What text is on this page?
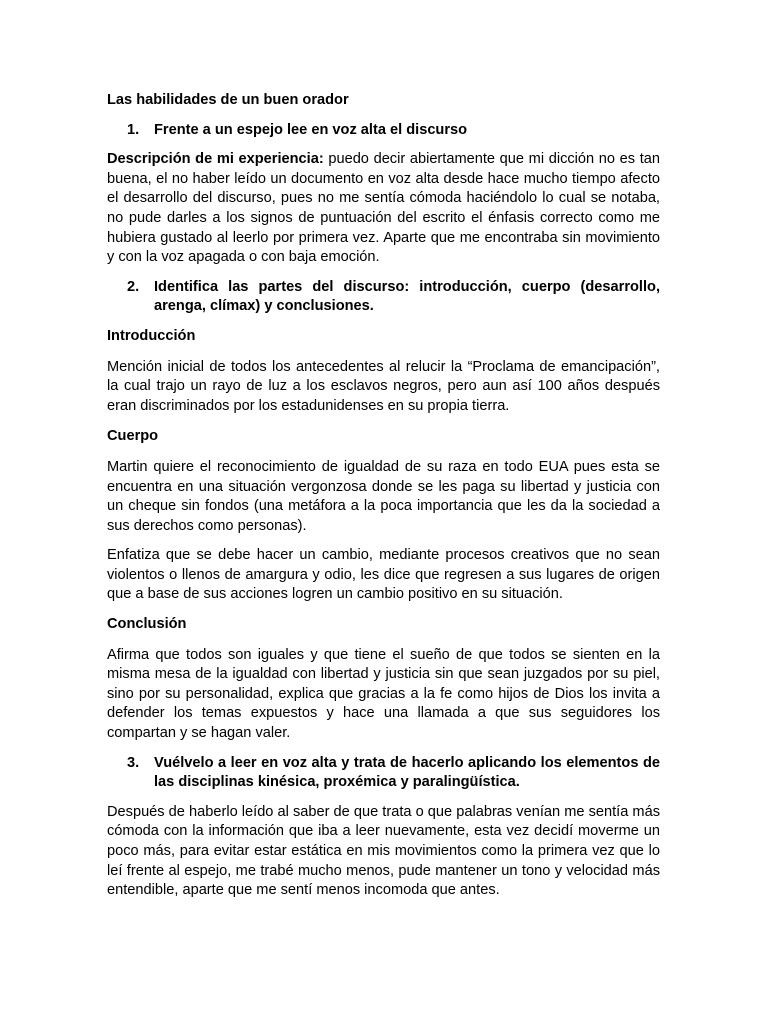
Las habilidades de un buen orador
1.	Frente a un espejo lee en voz alta el discurso

Descripción de mi experiencia: puedo decir abiertamente que mi dicción no es tan buena, el no haber leído un documento en voz alta desde hace mucho tiempo afecto el desarrollo del discurso, pues no me sentía cómoda haciéndolo lo cual se notaba, no pude darles a los signos de puntuación del escrito el énfasis correcto como me hubiera gustado al leerlo por primera vez. Aparte que me encontraba sin movimiento y con la voz apagada o con baja emoción.

2.	Identifica las partes del discurso: introducción, cuerpo (desarrollo, arenga, clímax) y conclusiones.
Introducción

Mención inicial de todos los antecedentes al relucir la “Proclama de emancipación”, la cual trajo un rayo de luz a los esclavos negros, pero aun así 100 años después eran discriminados por los estadunidenses en su propia tierra.

Cuerpo

Martin quiere el reconocimiento de igualdad de su raza en todo EUA pues esta se encuentra en una situación vergonzosa donde se les paga su libertad y justicia con un cheque sin fondos (una metáfora a la poca importancia que les da la sociedad a sus derechos como personas).

Enfatiza que se debe hacer un cambio, mediante procesos creativos que no sean violentos o llenos de amargura y odio, les dice que regresen a sus lugares de origen que a base de sus acciones logren un cambio positivo en su situación.

Conclusión

Afirma que todos son iguales y que tiene el sueño de que todos se sienten en la misma mesa de la igualdad con libertad y justicia sin que sean juzgados por su piel, sino por su personalidad, explica que gracias a la fe como hijos de Dios los invita a defender los temas expuestos y hace una llamada a que sus seguidores los compartan y se hagan valer.

3.	Vuélvelo a leer en voz alta y trata de hacerlo aplicando los elementos de las disciplinas kinésica, proxémica y paralingüística.

Después de haberlo leído al saber de que trata o que palabras venían me sentía más cómoda con la información que iba a leer nuevamente, esta vez decidí moverme un poco más, para evitar estar estática en mis movimientos como la primera vez que lo leí frente al espejo, me trabé mucho menos, pude mantener un tono y velocidad más entendible, aparte que me sentí menos incomoda que antes.
